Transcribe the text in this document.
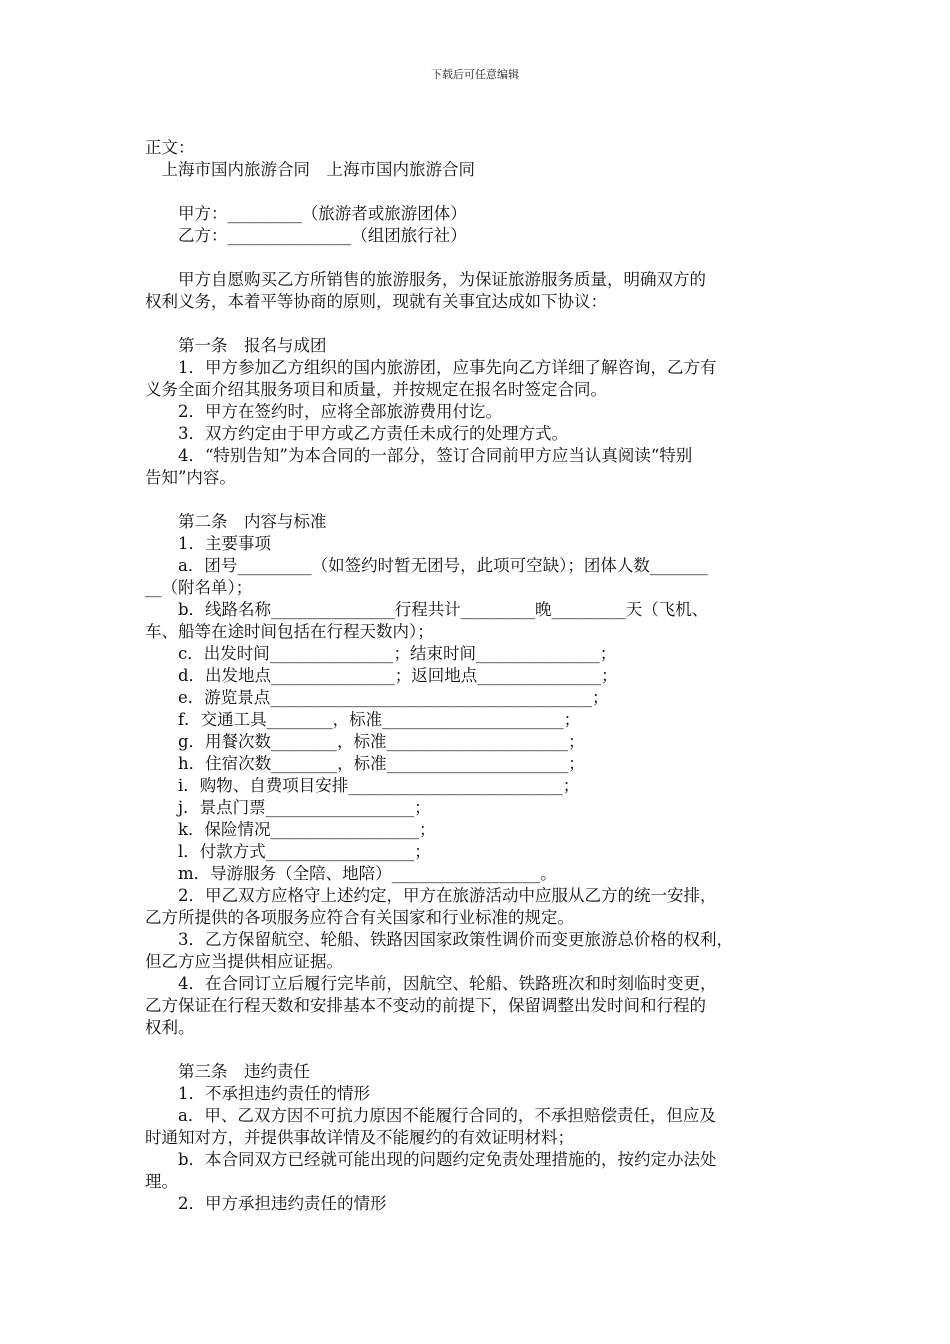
下载后可任意编辑
正文：
　上海市国内旅游合同　上海市国内旅游合同
　　甲方：_________（旅游者或旅游团体）
　　乙方：_______________（组团旅行社）
　　甲方自愿购买乙方所销售的旅游服务，为保证旅游服务质量，明确双方的
权利义务，本着平等协商的原则，现就有关事宜达成如下协议：
　　第一条　报名与成团
　　1．甲方参加乙方组织的国内旅游团，应事先向乙方详细了解咨询，乙方有
义务全面介绍其服务项目和质量，并按规定在报名时签定合同。
　　2．甲方在签约时，应将全部旅游费用付讫。
　　3．双方约定由于甲方或乙方责任未成行的处理方式。
　　4．“特别告知”为本合同的一部分，签订合同前甲方应当认真阅读“特别
告知”内容。
　　第二条　内容与标准
　　1．主要事项
　　a．团号_________（如签约时暂无团号，此项可空缺）；团体人数_______
__（附名单）；
　　b．线路名称_______________行程共计_________晚_________天（飞机、
车、船等在途时间包括在行程天数内）；
　　c．出发时间_______________；结束时间_______________；
　　d．出发地点_______________；返回地点_______________；
　　e．游览景点_______________________________________；
　　f．交通工具________，标准______________________；
　　g．用餐次数________，标准______________________；
　　h．住宿次数________，标准______________________；
　　i．购物、自费项目安排__________________________；
　　j．景点门票__________________；
　　k．保险情况__________________；
　　l．付款方式__________________；
　　m．导游服务（全陪、地陪）__________________。
　　2．甲乙双方应格守上述约定，甲方在旅游活动中应服从乙方的统一安排，
乙方所提供的各项服务应符合有关国家和行业标准的规定。
　　3．乙方保留航空、轮船、铁路因国家政策性调价而变更旅游总价格的权利，
但乙方应当提供相应证据。
　　4．在合同订立后履行完毕前，因航空、轮船、铁路班次和时刻临时变更，
乙方保证在行程天数和安排基本不变动的前提下，保留调整出发时间和行程的
权利。
　　第三条　违约责任
　　1．不承担违约责任的情形
　　a．甲、乙双方因不可抗力原因不能履行合同的，不承担赔偿责任，但应及
时通知对方，并提供事故详情及不能履约的有效证明材料；
　　b．本合同双方已经就可能出现的问题约定免责处理措施的，按约定办法处
理。
　　2．甲方承担违约责任的情形
